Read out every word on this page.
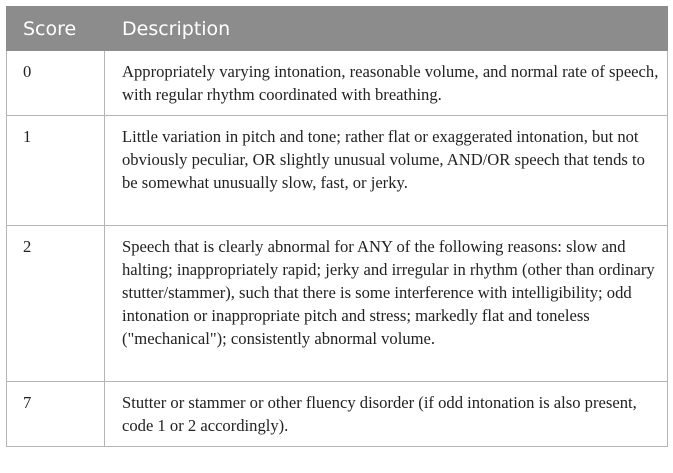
Score	Description
0	Appropriately varying intonation, reasonable volume, and normal rate of speech, with regular rhythm coordinated with breathing.
1	Little variation in pitch and tone; rather flat or exaggerated intonation, but not obviously peculiar, OR slightly unusual volume, AND/OR speech that tends to be somewhat unusually slow, fast, or jerky.
2	Speech that is clearly abnormal for ANY of the following reasons: slow and halting; inappropriately rapid; jerky and irregular in rhythm (other than ordinary stutter/stammer), such that there is some interference with intelligibility; odd intonation or inappropriate pitch and stress; markedly flat and toneless ("mechanical"); consistently abnormal volume.
7	Stutter or stammer or other fluency disorder (if odd intonation is also present, code 1 or 2 accordingly).
